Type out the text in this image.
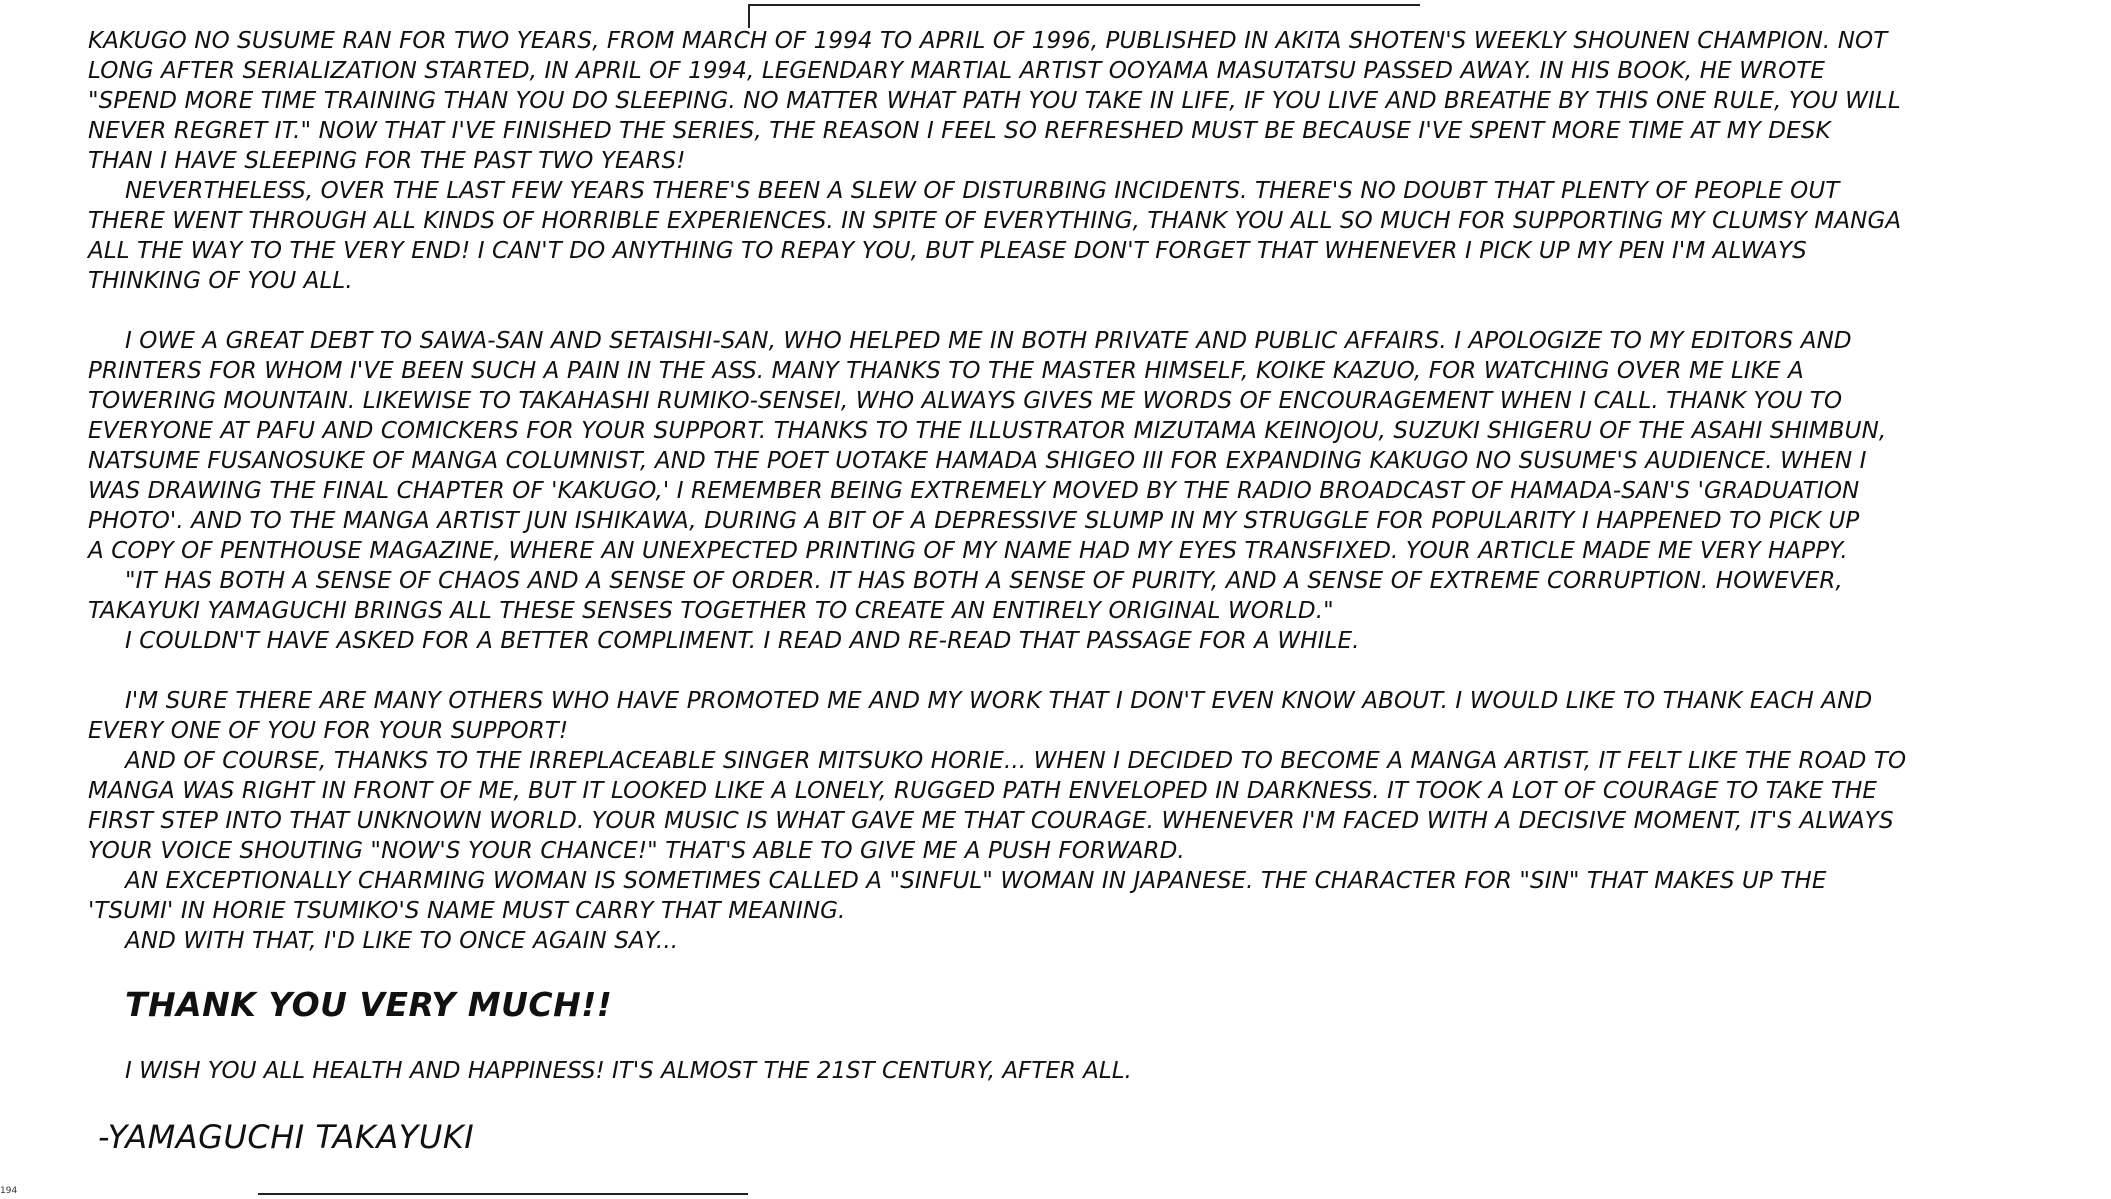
KAKUGO NO SUSUME RAN FOR TWO YEARS, FROM MARCH OF 1994 TO APRIL OF 1996, PUBLISHED IN AKITA SHOTEN'S WEEKLY SHOUNEN CHAMPION. NOT
LONG AFTER SERIALIZATION STARTED, IN APRIL OF 1994, LEGENDARY MARTIAL ARTIST OOYAMA MASUTATSU PASSED AWAY. IN HIS BOOK, HE WROTE
"SPEND MORE TIME TRAINING THAN YOU DO SLEEPING. NO MATTER WHAT PATH YOU TAKE IN LIFE, IF YOU LIVE AND BREATHE BY THIS ONE RULE, YOU WILL
NEVER REGRET IT." NOW THAT I'VE FINISHED THE SERIES, THE REASON I FEEL SO REFRESHED MUST BE BECAUSE I'VE SPENT MORE TIME AT MY DESK
THAN I HAVE SLEEPING FOR THE PAST TWO YEARS!
NEVERTHELESS, OVER THE LAST FEW YEARS THERE'S BEEN A SLEW OF DISTURBING INCIDENTS. THERE'S NO DOUBT THAT PLENTY OF PEOPLE OUT
THERE WENT THROUGH ALL KINDS OF HORRIBLE EXPERIENCES. IN SPITE OF EVERYTHING, THANK YOU ALL SO MUCH FOR SUPPORTING MY CLUMSY MANGA
ALL THE WAY TO THE VERY END! I CAN'T DO ANYTHING TO REPAY YOU, BUT PLEASE DON'T FORGET THAT WHENEVER I PICK UP MY PEN I'M ALWAYS
THINKING OF YOU ALL.
I OWE A GREAT DEBT TO SAWA-SAN AND SETAISHI-SAN, WHO HELPED ME IN BOTH PRIVATE AND PUBLIC AFFAIRS. I APOLOGIZE TO MY EDITORS AND
PRINTERS FOR WHOM I'VE BEEN SUCH A PAIN IN THE ASS. MANY THANKS TO THE MASTER HIMSELF, KOIKE KAZUO, FOR WATCHING OVER ME LIKE A
TOWERING MOUNTAIN. LIKEWISE TO TAKAHASHI RUMIKO-SENSEI, WHO ALWAYS GIVES ME WORDS OF ENCOURAGEMENT WHEN I CALL. THANK YOU TO
EVERYONE AT PAFU AND COMICKERS FOR YOUR SUPPORT. THANKS TO THE ILLUSTRATOR MIZUTAMA KEINOJOU, SUZUKI SHIGERU OF THE ASAHI SHIMBUN,
NATSUME FUSANOSUKE OF MANGA COLUMNIST, AND THE POET UOTAKE HAMADA SHIGEO III FOR EXPANDING KAKUGO NO SUSUME'S AUDIENCE. WHEN I
WAS DRAWING THE FINAL CHAPTER OF 'KAKUGO,' I REMEMBER BEING EXTREMELY MOVED BY THE RADIO BROADCAST OF HAMADA-SAN'S 'GRADUATION
PHOTO'. AND TO THE MANGA ARTIST JUN ISHIKAWA, DURING A BIT OF A DEPRESSIVE SLUMP IN MY STRUGGLE FOR POPULARITY I HAPPENED TO PICK UP
A COPY OF PENTHOUSE MAGAZINE, WHERE AN UNEXPECTED PRINTING OF MY NAME HAD MY EYES TRANSFIXED. YOUR ARTICLE MADE ME VERY HAPPY.
"IT HAS BOTH A SENSE OF CHAOS AND A SENSE OF ORDER. IT HAS BOTH A SENSE OF PURITY, AND A SENSE OF EXTREME CORRUPTION. HOWEVER,
TAKAYUKI YAMAGUCHI BRINGS ALL THESE SENSES TOGETHER TO CREATE AN ENTIRELY ORIGINAL WORLD."
I COULDN'T HAVE ASKED FOR A BETTER COMPLIMENT. I READ AND RE-READ THAT PASSAGE FOR A WHILE.
I'M SURE THERE ARE MANY OTHERS WHO HAVE PROMOTED ME AND MY WORK THAT I DON'T EVEN KNOW ABOUT. I WOULD LIKE TO THANK EACH AND
EVERY ONE OF YOU FOR YOUR SUPPORT!
AND OF COURSE, THANKS TO THE IRREPLACEABLE SINGER MITSUKO HORIE... WHEN I DECIDED TO BECOME A MANGA ARTIST, IT FELT LIKE THE ROAD TO
MANGA WAS RIGHT IN FRONT OF ME, BUT IT LOOKED LIKE A LONELY, RUGGED PATH ENVELOPED IN DARKNESS. IT TOOK A LOT OF COURAGE TO TAKE THE
FIRST STEP INTO THAT UNKNOWN WORLD. YOUR MUSIC IS WHAT GAVE ME THAT COURAGE. WHENEVER I'M FACED WITH A DECISIVE MOMENT, IT'S ALWAYS
YOUR VOICE SHOUTING "NOW'S YOUR CHANCE!" THAT'S ABLE TO GIVE ME A PUSH FORWARD.
AN EXCEPTIONALLY CHARMING WOMAN IS SOMETIMES CALLED A "SINFUL" WOMAN IN JAPANESE. THE CHARACTER FOR "SIN" THAT MAKES UP THE
'TSUMI' IN HORIE TSUMIKO'S NAME MUST CARRY THAT MEANING.
AND WITH THAT, I'D LIKE TO ONCE AGAIN SAY...
THANK YOU VERY MUCH!!
I WISH YOU ALL HEALTH AND HAPPINESS! IT'S ALMOST THE 21ST CENTURY, AFTER ALL.
-YAMAGUCHI TAKAYUKI
194
